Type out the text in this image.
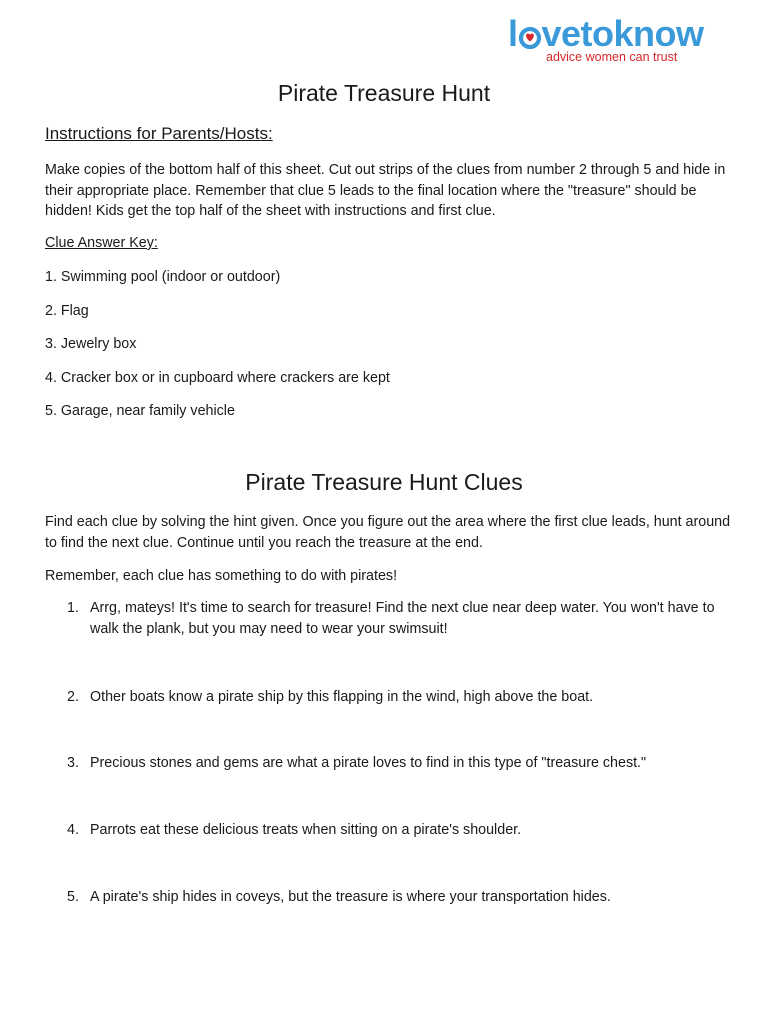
l vetoknow
advice women can trust
Pirate Treasure Hunt
Instructions for Parents/Hosts:

Make copies of the bottom half of this sheet. Cut out strips of the clues from number 2 through 5 and hide in their appropriate place. Remember that clue 5 leads to the final location where the "treasure" should be hidden! Kids get the top half of the sheet with instructions and first clue.

Clue Answer Key:

1. Swimming pool (indoor or outdoor)

2. Flag

3. Jewelry box

4. Cracker box or in cupboard where crackers are kept

5. Garage, near family vehicle

Pirate Treasure Hunt Clues

Find each clue by solving the hint given. Once you figure out the area where the first clue leads, hunt around to find the next clue. Continue until you reach the treasure at the end.

Remember, each clue has something to do with pirates!

1. Arrg, mateys! It's time to search for treasure! Find the next clue near deep water. You won't have to walk the plank, but you may need to wear your swimsuit!
2. Other boats know a pirate ship by this flapping in the wind, high above the boat.
3. Precious stones and gems are what a pirate loves to find in this type of "treasure chest."
4. Parrots eat these delicious treats when sitting on a pirate's shoulder.
5. A pirate's ship hides in coveys, but the treasure is where your transportation hides.
